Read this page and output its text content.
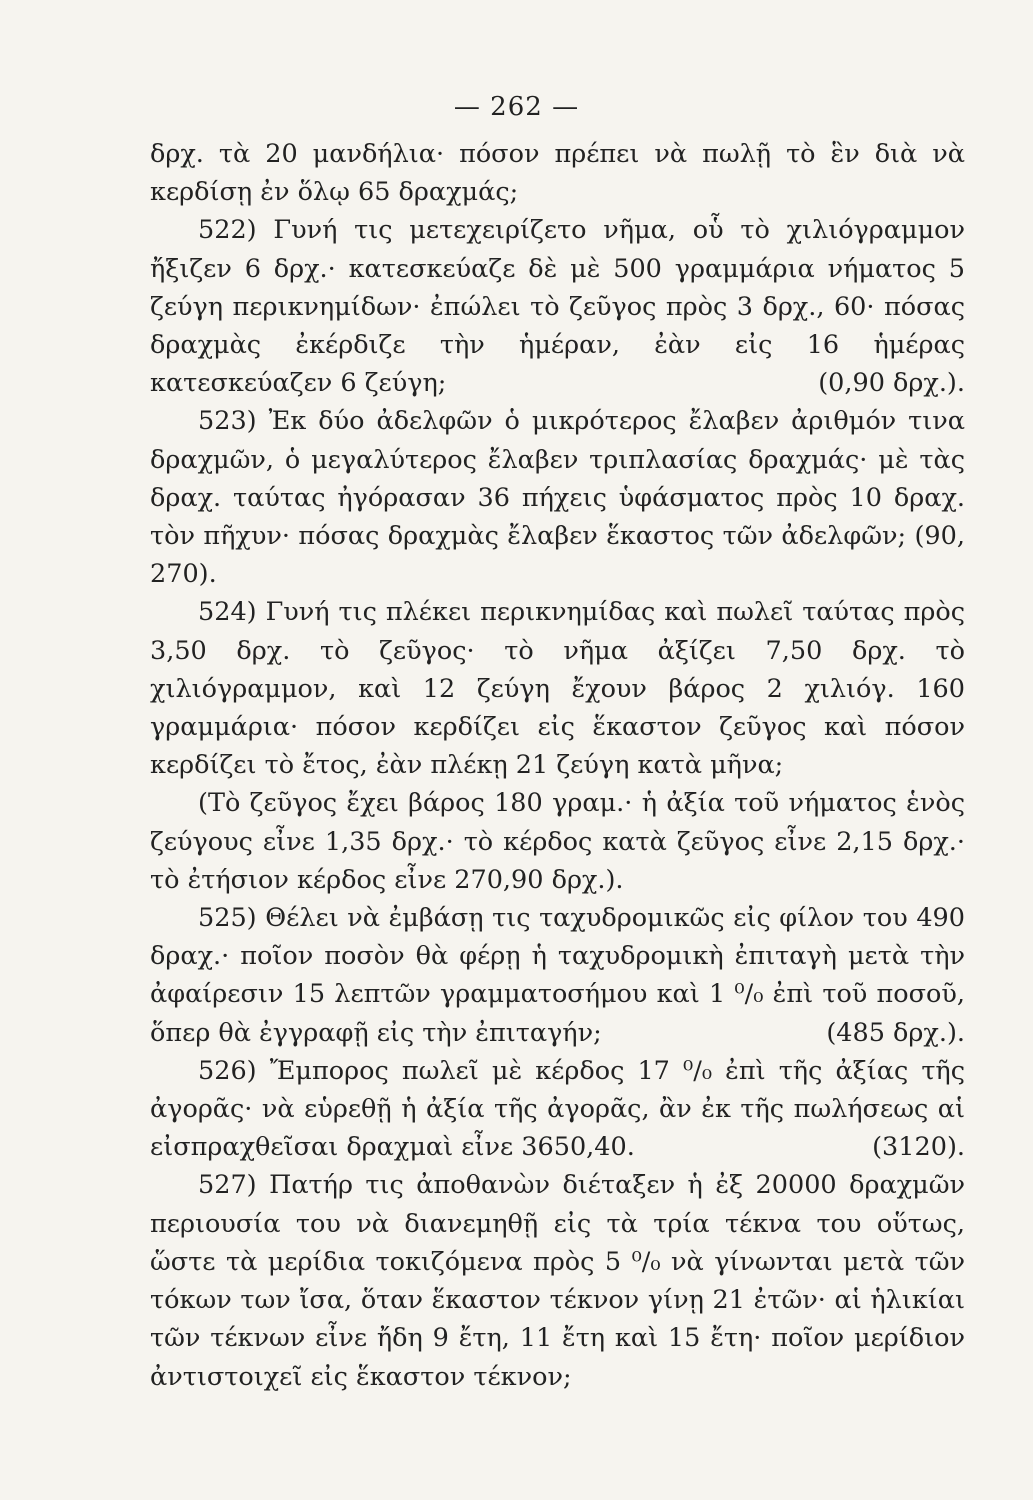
— 262 —

δρχ. τὰ 20 μανδήλια· πόσον πρέπει νὰ πωλῇ τὸ ἓν διὰ νὰ κερδίσῃ ἐν ὅλῳ 65 δραχμάς;

522) Γυνή τις μετεχειρίζετο νῆμα, οὗ τὸ χιλιόγραμμον ἤξιζεν 6 δρχ.· κατεσκεύαζε δὲ μὲ 500 γραμμάρια νήματος 5 ζεύγη περικνημίδων· ἐπώλει τὸ ζεῦγος πρὸς 3 δρχ., 60· πόσας δραχμὰς ἐκέρδιζε τὴν ἡμέραν, ἐὰν εἰς 16 ἡμέρας κατεσκεύαζεν 6 ζεύγη;	(0,90 δρχ.).

523) Ἐκ δύο ἀδελφῶν ὁ μικρότερος ἔλαβεν ἀριθμόν τινα δραχμῶν, ὁ μεγαλύτερος ἔλαβεν τριπλασίας δραχμάς· μὲ τὰς δραχ. ταύτας ἠγόρασαν 36 πήχεις ὑφάσματος πρὸς 10 δραχ. τὸν πῆχυν· πόσας δραχμὰς ἔλαβεν ἕκαστος τῶν ἀδελφῶν; (90, 270).

524) Γυνή τις πλέκει περικνημίδας καὶ πωλεῖ ταύτας πρὸς 3,50 δρχ. τὸ ζεῦγος· τὸ νῆμα ἀξίζει 7,50 δρχ. τὸ χιλιόγραμμον, καὶ 12 ζεύγη ἔχουν βάρος 2 χιλιόγ. 160 γραμμάρια· πόσον κερδίζει εἰς ἕκαστον ζεῦγος καὶ πόσον κερδίζει τὸ ἔτος, ἐὰν πλέκῃ 21 ζεύγη κατὰ μῆνα;

(Τὸ ζεῦγος ἔχει βάρος 180 γραμ.· ἡ ἀξία τοῦ νήματος ἑνὸς ζεύγους εἶνε 1,35 δρχ.· τὸ κέρδος κατὰ ζεῦγος εἶνε 2,15 δρχ.· τὸ ἐτήσιον κέρδος εἶνε 270,90 δρχ.).

525) Θέλει νὰ ἐμβάσῃ τις ταχυδρομικῶς εἰς φίλον του 490 δραχ.· ποῖον ποσὸν θὰ φέρῃ ἡ ταχυδρομικὴ ἐπιταγὴ μετὰ τὴν ἀφαίρεσιν 15 λεπτῶν γραμματοσήμου καὶ 1 ⁰/₀ ἐπὶ τοῦ ποσοῦ, ὅπερ θὰ ἐγγραφῇ εἰς τὴν ἐπιταγήν;	(485 δρχ.).

526) Ἔμπορος πωλεῖ μὲ κέρδος 17 ⁰/₀ ἐπὶ τῆς ἀξίας τῆς ἀγορᾶς· νὰ εὑρεθῇ ἡ ἀξία τῆς ἀγορᾶς, ἂν ἐκ τῆς πωλήσεως αἱ εἰσπραχθεῖσαι δραχμαὶ εἶνε 3650,40.	(3120).

527) Πατήρ τις ἀποθανὼν διέταξεν ἡ ἐξ 20000 δραχμῶν περιουσία του νὰ διανεμηθῇ εἰς τὰ τρία τέκνα του οὕτως, ὥστε τὰ μερίδια τοκιζόμενα πρὸς 5 ⁰/₀ νὰ γίνωνται μετὰ τῶν τόκων των ἴσα, ὅταν ἕκαστον τέκνον γίνῃ 21 ἐτῶν· αἱ ἡλικίαι τῶν τέκνων εἶνε ἤδη 9 ἔτη, 11 ἔτη καὶ 15 ἔτη· ποῖον μερίδιον ἀντιστοιχεῖ εἰς ἕκαστον τέκνον;
